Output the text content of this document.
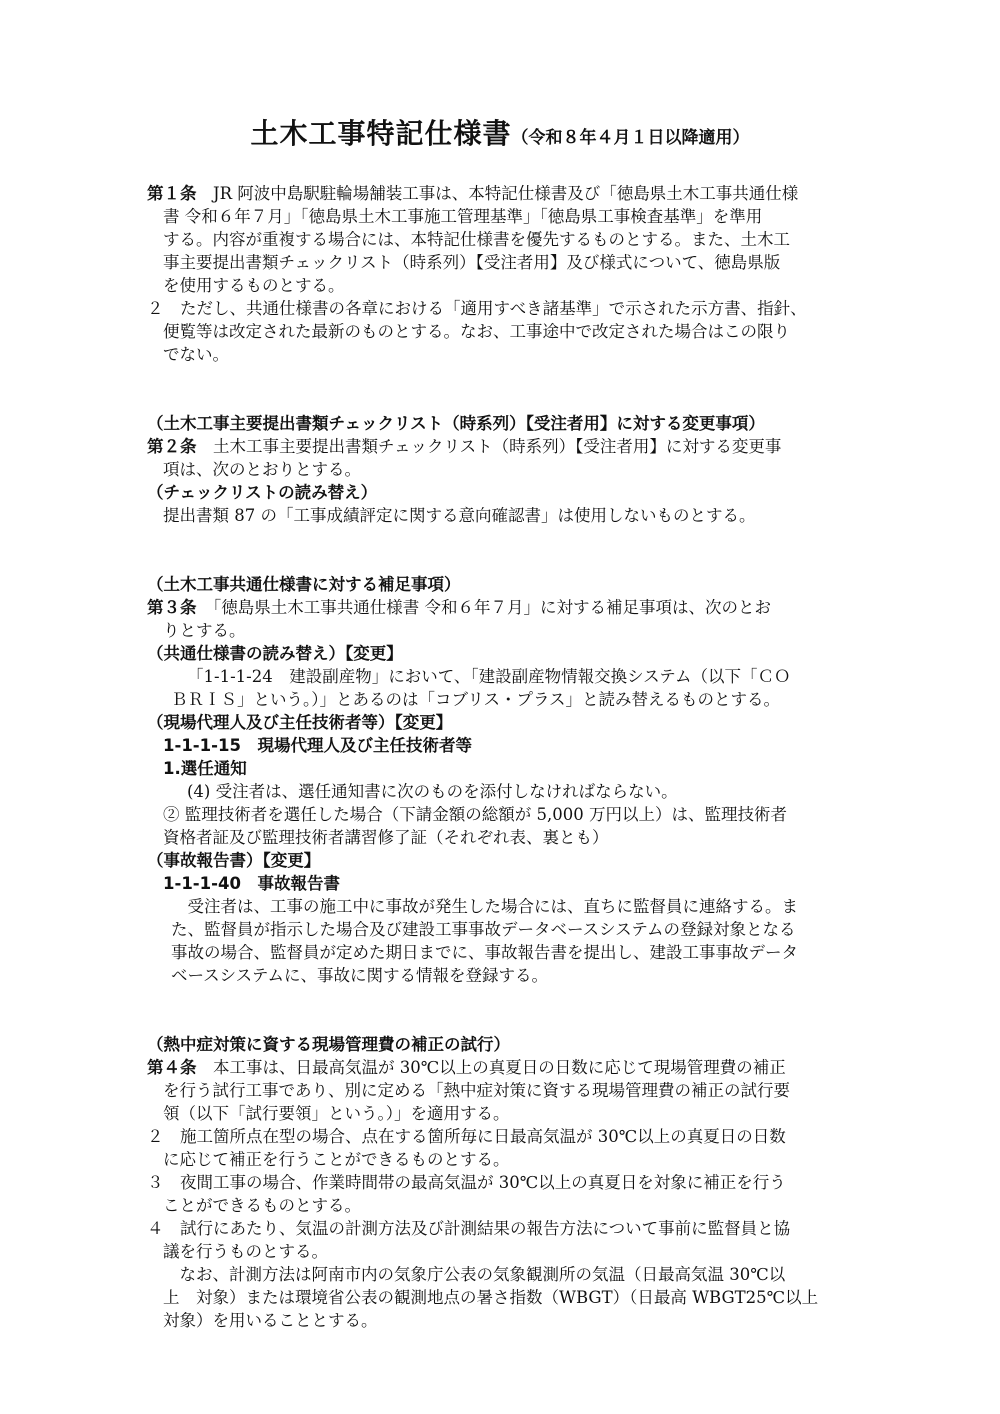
土木工事特記仕様書（令和８年４月１日以降適用）
第１条　JR 阿波中島駅駐輪場舗装工事は、本特記仕様書及び「徳島県土木工事共通仕様
書 令和６年７月」「徳島県土木工事施工管理基準」「徳島県工事検査基準」を準用
する。内容が重複する場合には、本特記仕様書を優先するものとする。また、土木工
事主要提出書類チェックリスト（時系列）【受注者用】及び様式について、徳島県版
を使用するものとする。
２　ただし、共通仕様書の各章における「適用すべき諸基準」で示された示方書、指針、
便覧等は改定された最新のものとする。なお、工事途中で改定された場合はこの限り
でない。
（土木工事主要提出書類チェックリスト（時系列）【受注者用】に対する変更事項）
第２条　土木工事主要提出書類チェックリスト（時系列）【受注者用】に対する変更事
項は、次のとおりとする。
（チェックリストの読み替え）
提出書類 87 の「工事成績評定に関する意向確認書」は使用しないものとする。
（土木工事共通仕様書に対する補足事項）
第３条　「徳島県土木工事共通仕様書 令和６年７月」に対する補足事項は、次のとお
りとする。
（共通仕様書の読み替え）【変更】
「1-1-1-24　建設副産物」において、「建設副産物情報交換システム（以下「ＣＯ
ＢＲＩＳ」という。）」とあるのは「コブリス・プラス」と読み替えるものとする。
（現場代理人及び主任技術者等）【変更】
1-1-1-15　現場代理人及び主任技術者等
1.選任通知
(4) 受注者は、選任通知書に次のものを添付しなければならない。
② 監理技術者を選任した場合（下請金額の総額が 5,000 万円以上）は、監理技術者
資格者証及び監理技術者講習修了証（それぞれ表、裏とも）
（事故報告書）【変更】
1-1-1-40　事故報告書
　受注者は、工事の施工中に事故が発生した場合には、直ちに監督員に連絡する。ま
た、監督員が指示した場合及び建設工事事故データベースシステムの登録対象となる
事故の場合、監督員が定めた期日までに、事故報告書を提出し、建設工事事故データ
ベースシステムに、事故に関する情報を登録する。
（熱中症対策に資する現場管理費の補正の試行）
第４条　本工事は、日最高気温が 30℃以上の真夏日の日数に応じて現場管理費の補正
を行う試行工事であり、別に定める「熱中症対策に資する現場管理費の補正の試行要
領（以下「試行要領」という。）」を適用する。
２　施工箇所点在型の場合、点在する箇所毎に日最高気温が 30℃以上の真夏日の日数
に応じて補正を行うことができるものとする。
３　夜間工事の場合、作業時間帯の最高気温が 30℃以上の真夏日を対象に補正を行う
ことができるものとする。
４　試行にあたり、気温の計測方法及び計測結果の報告方法について事前に監督員と協
議を行うものとする。
　なお、計測方法は阿南市内の気象庁公表の気象観測所の気温（日最高気温 30℃以
上　対象）または環境省公表の観測地点の暑さ指数（WBGT）（日最高 WBGT25℃以上
対象）を用いることとする。
